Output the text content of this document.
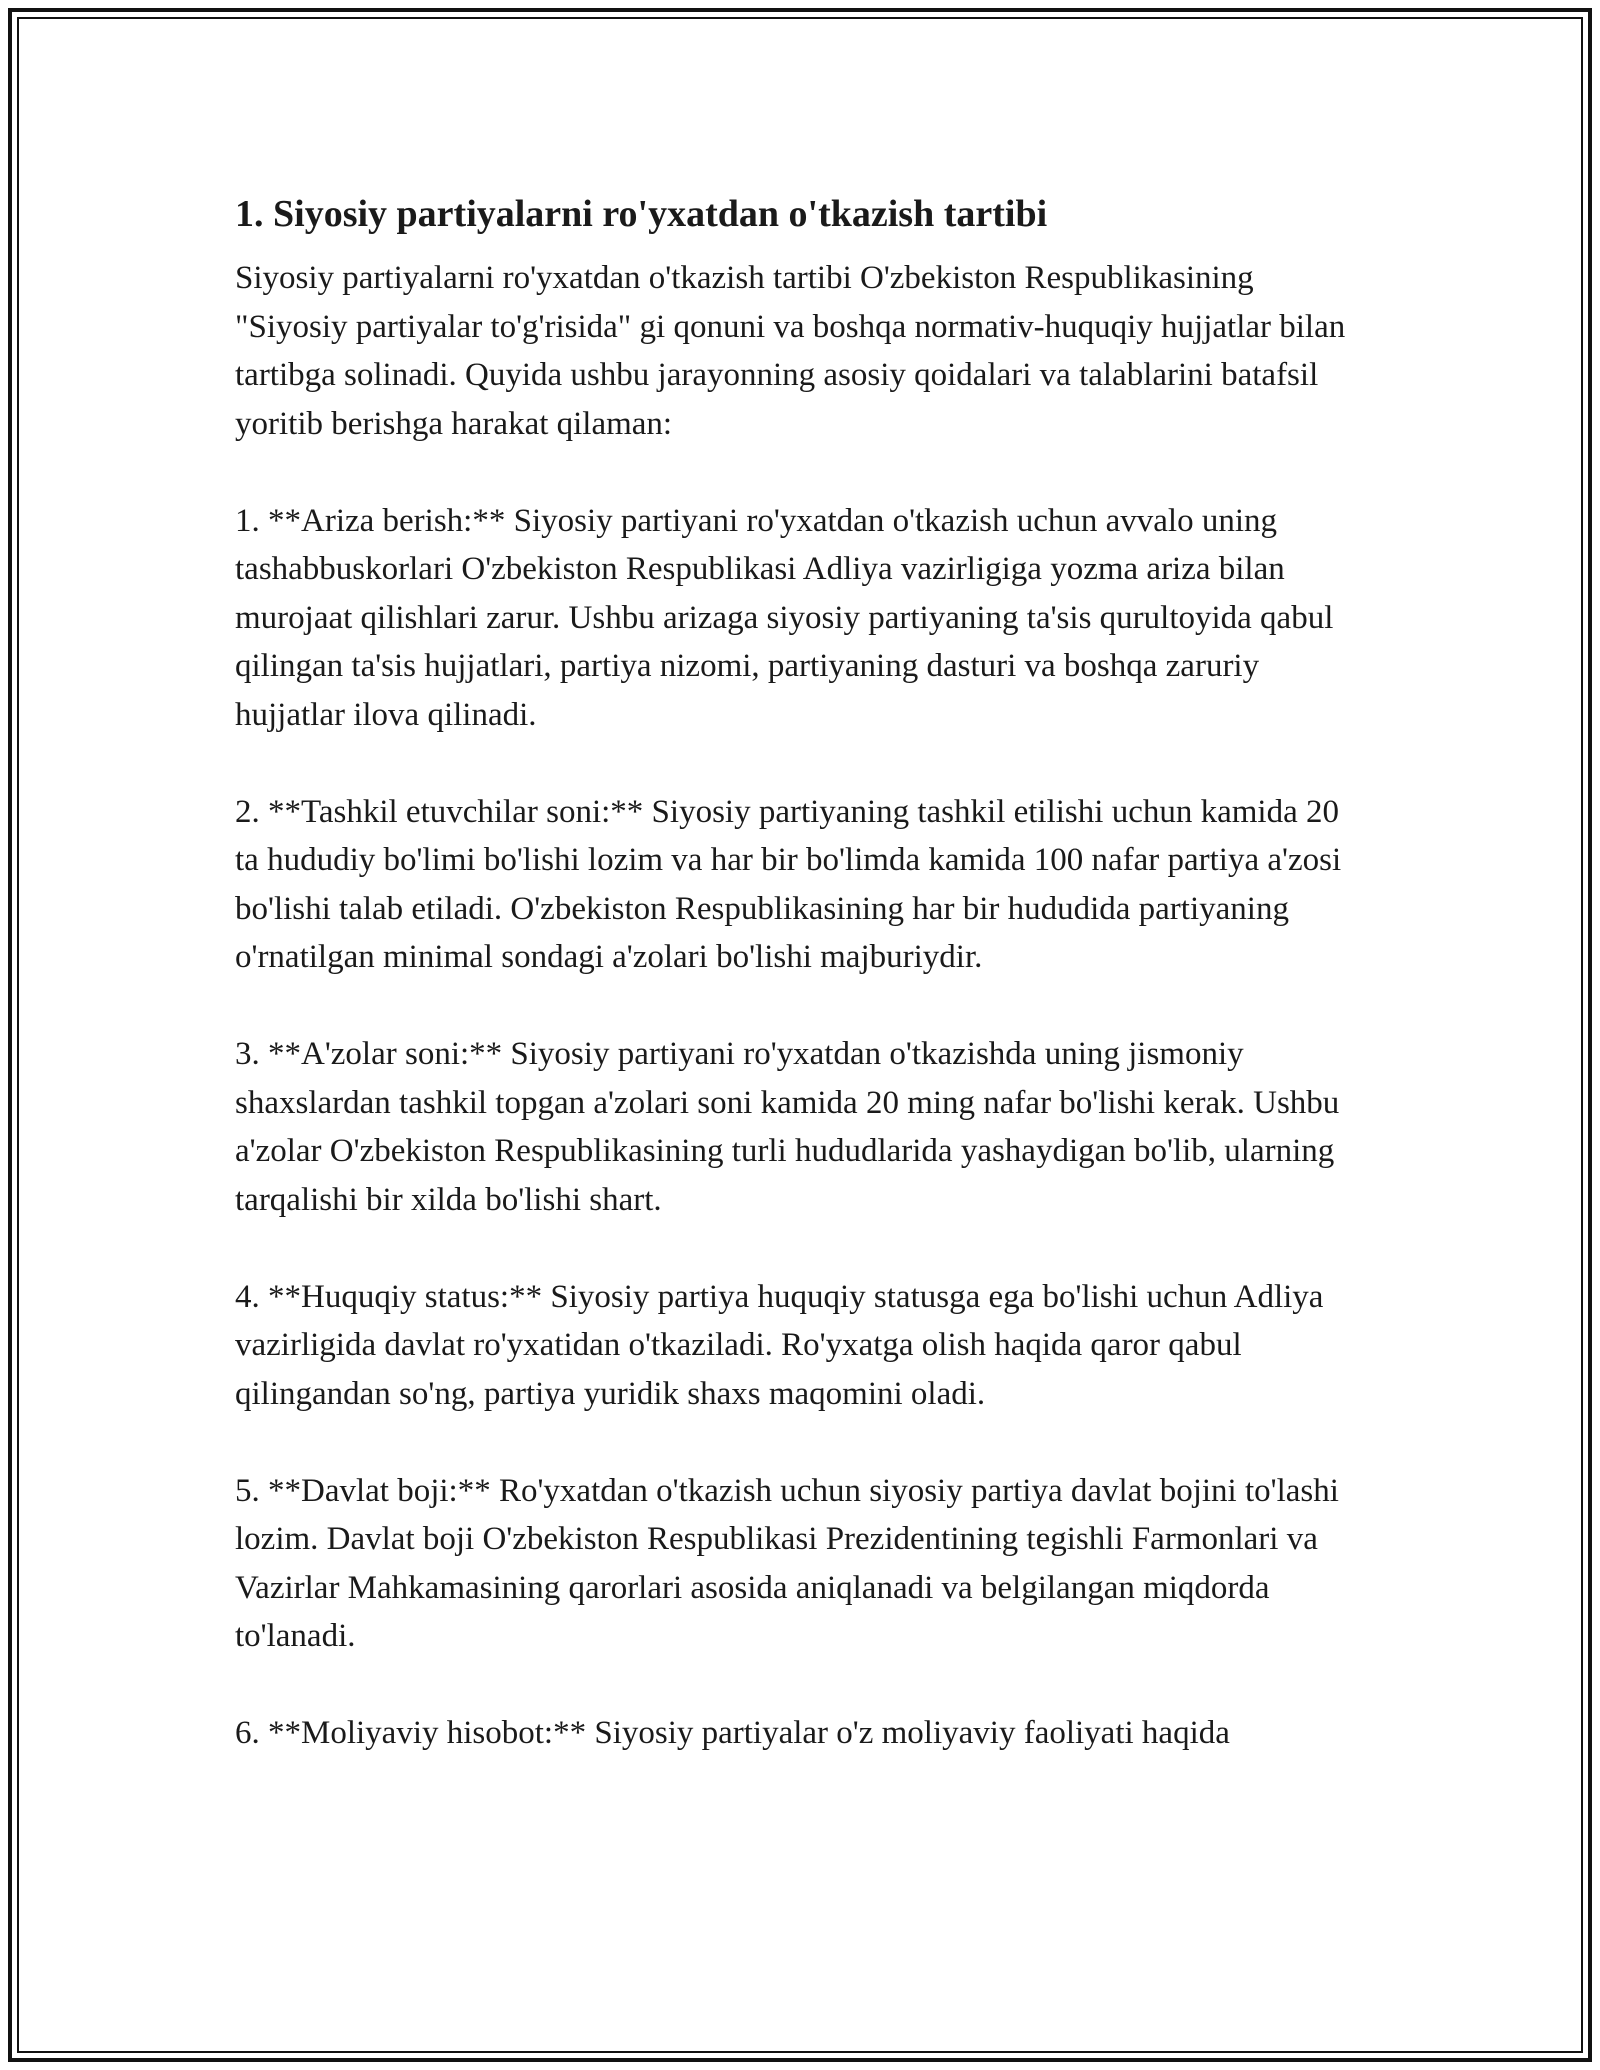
1. Siyosiy partiyalarni ro'yxatdan o'tkazish tartibi

Siyosiy partiyalarni ro'yxatdan o'tkazish tartibi O'zbekiston Respublikasining "Siyosiy partiyalar to'g'risida" gi qonuni va boshqa normativ-huquqiy hujjatlar bilan tartibga solinadi. Quyida ushbu jarayonning asosiy qoidalari va talablarini batafsil yoritib berishga harakat qilaman:

1. **Ariza berish:** Siyosiy partiyani ro'yxatdan o'tkazish uchun avvalo uning tashabbuskorlari O'zbekiston Respublikasi Adliya vazirligiga yozma ariza bilan murojaat qilishlari zarur. Ushbu arizaga siyosiy partiyaning ta'sis qurultoyida qabul qilingan ta'sis hujjatlari, partiya nizomi, partiyaning dasturi va boshqa zaruriy hujjatlar ilova qilinadi.

2. **Tashkil etuvchilar soni:** Siyosiy partiyaning tashkil etilishi uchun kamida 20 ta hududiy bo'limi bo'lishi lozim va har bir bo'limda kamida 100 nafar partiya a'zosi bo'lishi talab etiladi. O'zbekiston Respublikasining har bir hududida partiyaning o'rnatilgan minimal sondagi a'zolari bo'lishi majburiydir.

3. **A'zolar soni:** Siyosiy partiyani ro'yxatdan o'tkazishda uning jismoniy shaxslardan tashkil topgan a'zolari soni kamida 20 ming nafar bo'lishi kerak. Ushbu a'zolar O'zbekiston Respublikasining turli hududlarida yashaydigan bo'lib, ularning tarqalishi bir xilda bo'lishi shart.

4. **Huquqiy status:** Siyosiy partiya huquqiy statusga ega bo'lishi uchun Adliya vazirligida davlat ro'yxatidan o'tkaziladi. Ro'yxatga olish haqida qaror qabul qilingandan so'ng, partiya yuridik shaxs maqomini oladi.

5. **Davlat boji:** Ro'yxatdan o'tkazish uchun siyosiy partiya davlat bojini to'lashi lozim. Davlat boji O'zbekiston Respublikasi Prezidentining tegishli Farmonlari va Vazirlar Mahkamasining qarorlari asosida aniqlanadi va belgilangan miqdorda to'lanadi.

6. **Moliyaviy hisobot:** Siyosiy partiyalar o'z moliyaviy faoliyati haqida
